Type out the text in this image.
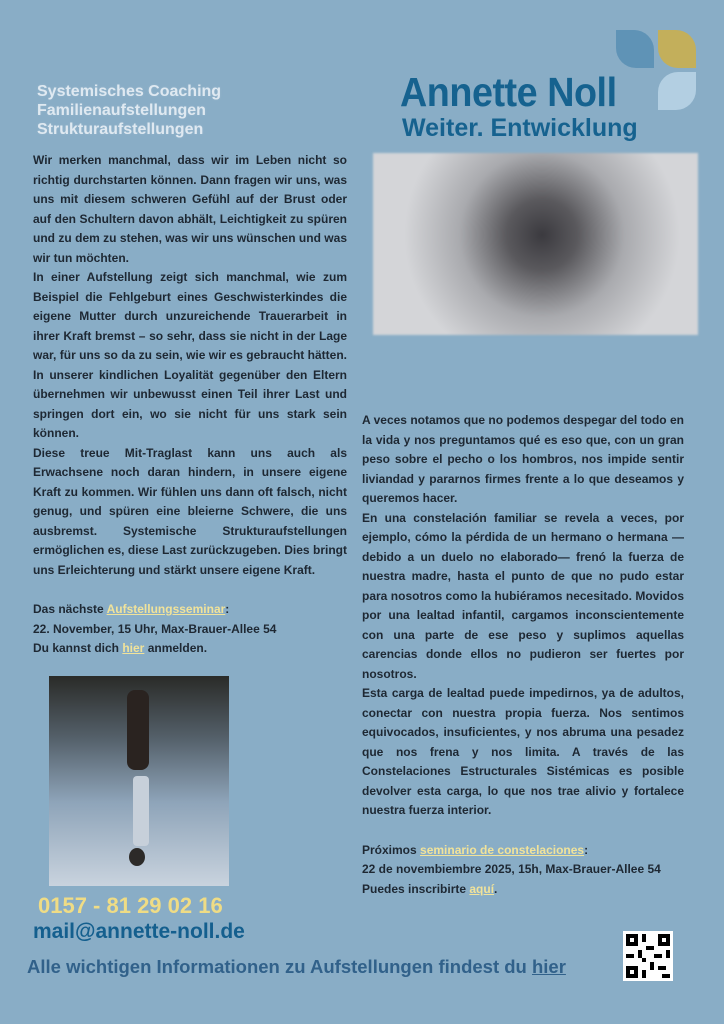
Systemisches Coaching
Familienaufstellungen
Strukturaufstellungen
Annette Noll
Weiter. Entwicklung

Wir merken manchmal, dass wir im Leben nicht so richtig durchstarten können. Dann fragen wir uns, was uns mit diesem schweren Gefühl auf der Brust oder auf den Schultern davon abhält, Leichtigkeit zu spüren und zu dem zu stehen, was wir uns wünschen und was wir tun möchten.

In einer Aufstellung zeigt sich manchmal, wie zum Beispiel die Fehlgeburt eines Geschwisterkindes die eigene Mutter durch unzureichende Trauerarbeit in ihrer Kraft bremst – so sehr, dass sie nicht in der Lage war, für uns so da zu sein, wie wir es gebraucht hätten. In unserer kindlichen Loyalität gegenüber den Eltern übernehmen wir unbewusst einen Teil ihrer Last und springen dort ein, wo sie nicht für uns stark sein können.

Diese treue Mit-Traglast kann uns auch als Erwachsene noch daran hindern, in unsere eigene Kraft zu kommen. Wir fühlen uns dann oft falsch, nicht genug, und spüren eine bleierne Schwere, die uns ausbremst. Systemische Strukturaufstellungen ermöglichen es, diese Last zurückzugeben. Dies bringt uns Erleichterung und stärkt unsere eigene Kraft.

Das nächste Aufstellungsseminar:
22. November, 15 Uhr, Max-Brauer-Allee 54
Du kannst dich hier anmelden.

A veces notamos que no podemos despegar del todo en la vida y nos preguntamos qué es eso que, con un gran peso sobre el pecho o los hombros, nos impide sentir liviandad y pararnos firmes frente a lo que deseamos y queremos hacer.

En una constelación familiar se revela a veces, por ejemplo, cómo la pérdida de un hermano o hermana — debido a un duelo no elaborado— frenó la fuerza de nuestra madre, hasta el punto de que no pudo estar para nosotros como la hubiéramos necesitado. Movidos por una lealtad infantil, cargamos inconscientemente con una parte de ese peso y suplimos aquellas carencias donde ellos no pudieron ser fuertes por nosotros.

Esta carga de lealtad puede impedirnos, ya de adultos, conectar con nuestra propia fuerza. Nos sentimos equivocados, insuficientes, y nos abruma una pesadez que nos frena y nos limita. A través de las Constelaciones Estructurales Sistémicas es posible devolver esta carga, lo que nos trae alivio y fortalece nuestra fuerza interior.

Próximos seminario de constelaciones:
22 de novembiembre 2025, 15h, Max-Brauer-Allee 54
Puedes inscribirte aquí.
0157 - 81 29 02 16
mail@annette-noll.de
Alle wichtigen Informationen zu Aufstellungen findest du hier
